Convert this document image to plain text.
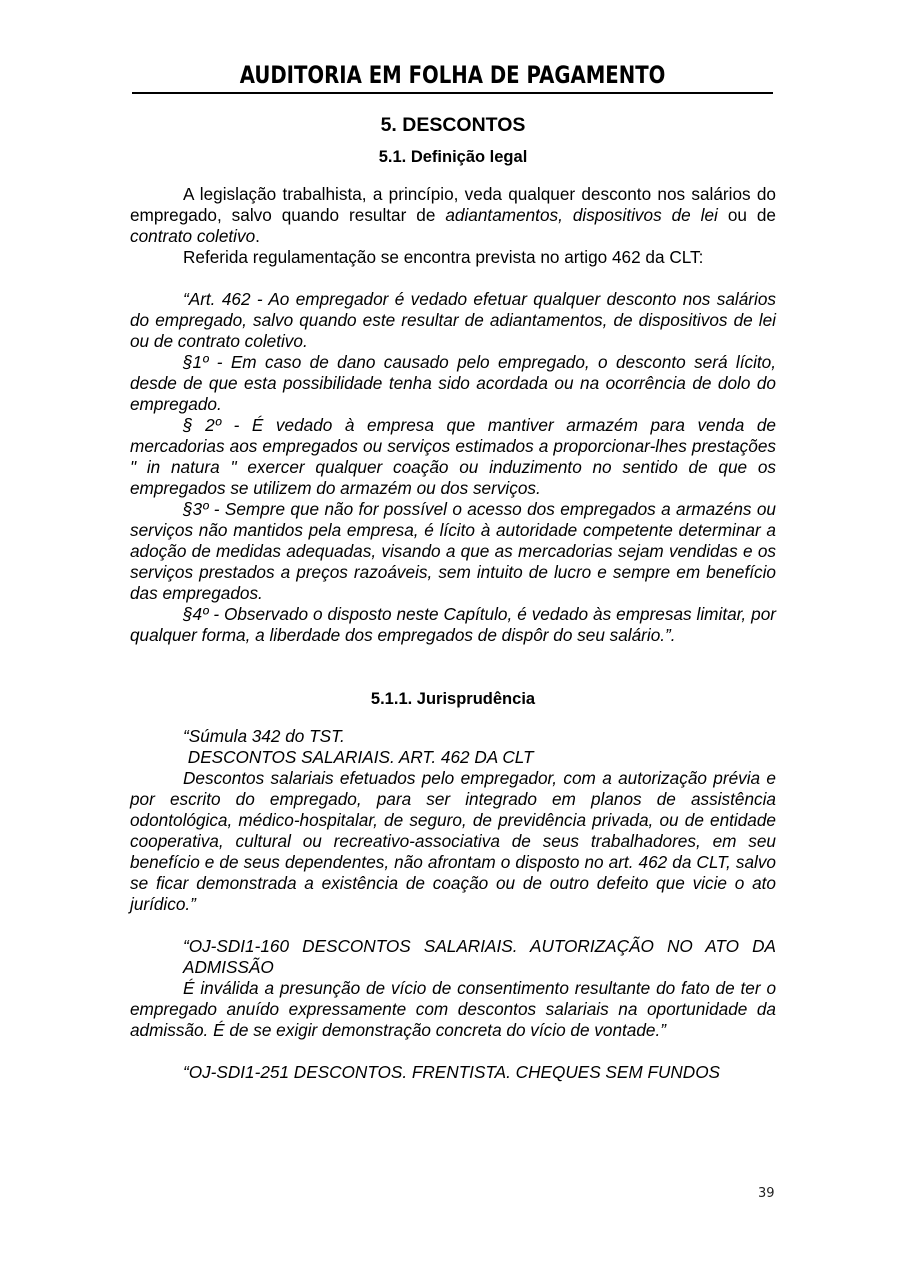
AUDITORIA EM FOLHA DE PAGAMENTO
5. DESCONTOS
5.1. Definição legal

A legislação trabalhista, a princípio, veda qualquer desconto nos salários do empregado, salvo quando resultar de adiantamentos, dispositivos de lei ou de contrato coletivo.

Referida regulamentação se encontra prevista no artigo 462 da CLT:

“Art. 462 - Ao empregador é vedado efetuar qualquer desconto nos salários do empregado, salvo quando este resultar de adiantamentos, de dispositivos de lei ou de contrato coletivo.

§1º - Em caso de dano causado pelo empregado, o desconto será lícito, desde de que esta possibilidade tenha sido acordada ou na ocorrência de dolo do empregado.

§ 2º - É vedado à empresa que mantiver armazém para venda de mercadorias aos empregados ou serviços estimados a proporcionar-lhes prestações " in natura " exercer qualquer coação ou induzimento no sentido de que os empregados se utilizem do armazém ou dos serviços.

§3º - Sempre que não for possível o acesso dos empregados a armazéns ou serviços não mantidos pela empresa, é lícito à autoridade competente determinar a adoção de medidas adequadas, visando a que as mercadorias sejam vendidas e os serviços prestados a preços razoáveis, sem intuito de lucro e sempre em benefício das empregados.

§4º - Observado o disposto neste Capítulo, é vedado às empresas limitar, por qualquer forma, a liberdade dos empregados de dispôr do seu salário.”.

5.1.1. Jurisprudência

“Súmula 342 do TST.

DESCONTOS SALARIAIS. ART. 462 DA CLT

Descontos salariais efetuados pelo empregador, com a autorização prévia e por escrito do empregado, para ser integrado em planos de assistência odontológica, médico-hospitalar, de seguro, de previdência privada, ou de entidade cooperativa, cultural ou recreativo-associativa de seus trabalhadores, em seu benefício e de seus dependentes, não afrontam o disposto no art. 462 da CLT, salvo se ficar demonstrada a existência de coação ou de outro defeito que vicie o ato jurídico.”

“OJ-SDI1-160 DESCONTOS SALARIAIS. AUTORIZAÇÃO NO ATO DA ADMISSÃO

É inválida a presunção de vício de consentimento resultante do fato de ter o empregado anuído expressamente com descontos salariais na oportunidade da admissão. É de se exigir demonstração concreta do vício de vontade.”

“OJ-SDI1-251 DESCONTOS. FRENTISTA. CHEQUES SEM FUNDOS

39
